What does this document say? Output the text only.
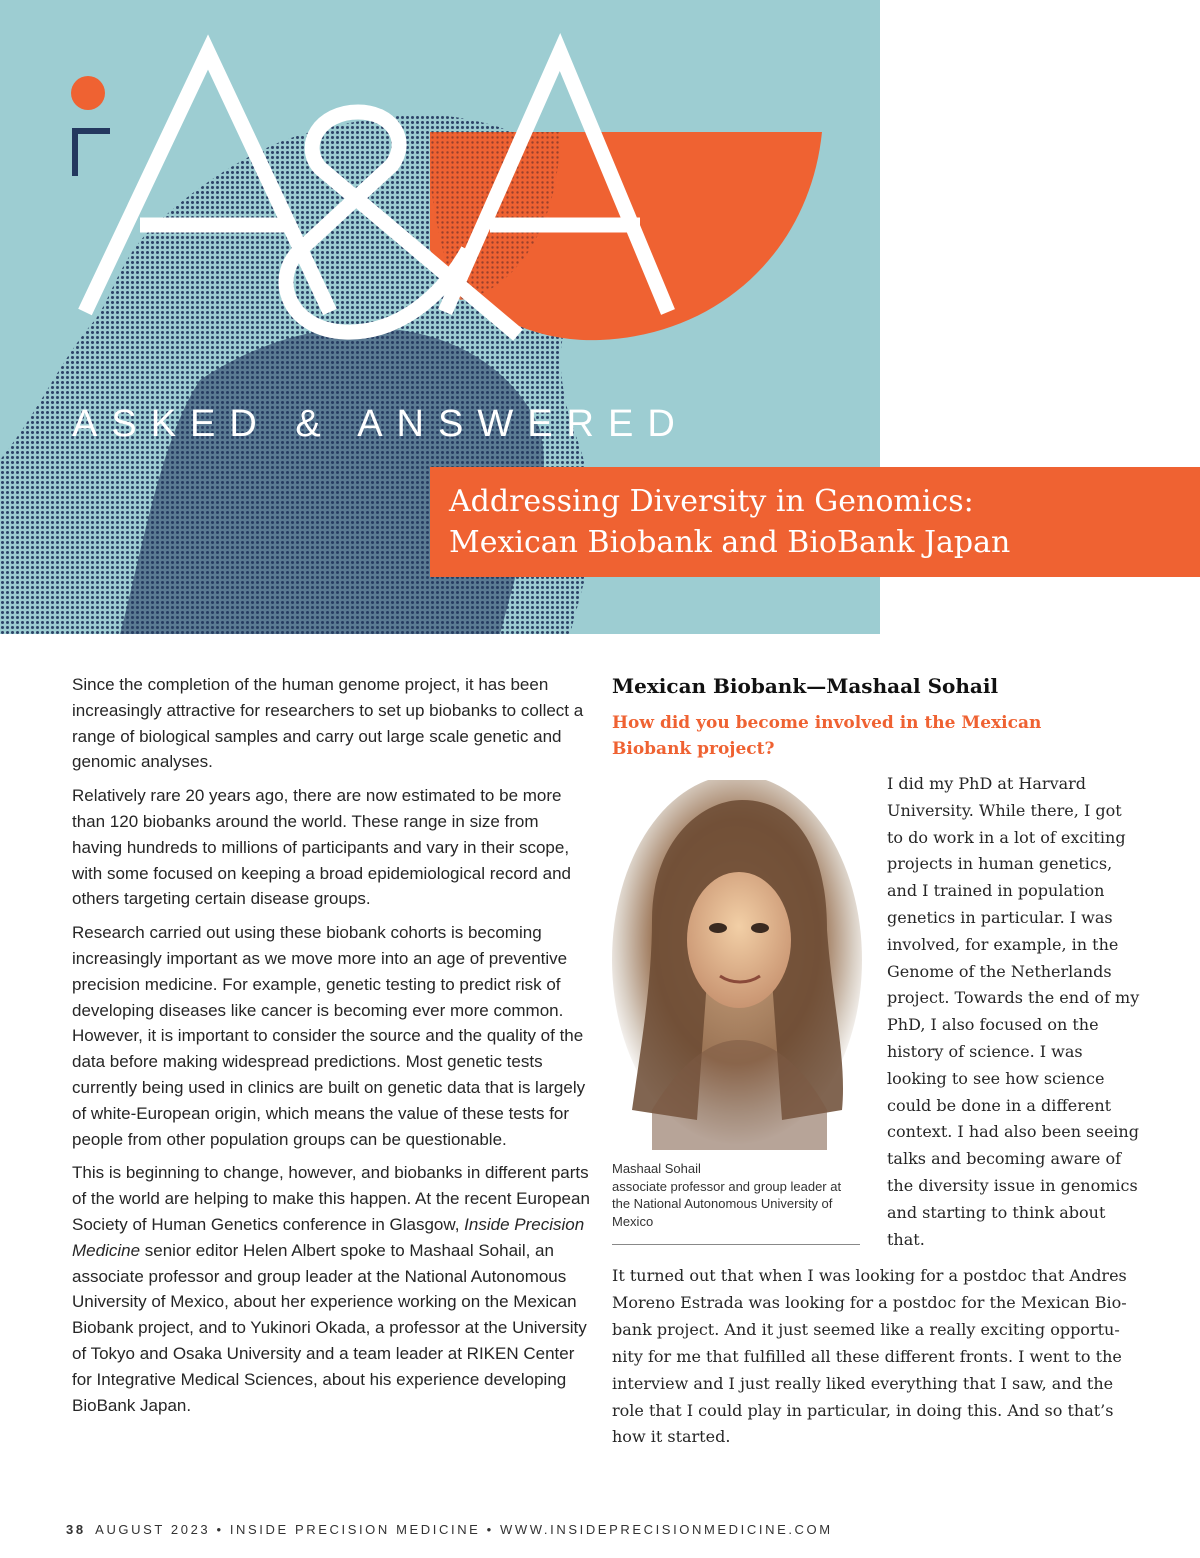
ASKED & ANSWERED
Addressing Diversity in Genomics:
Mexican Biobank and BioBank Japan

Since the completion of the human genome project, it has been increasingly attractive for researchers to set up biobanks to collect a range of biological samples and carry out large scale genetic and genomic analyses.

Relatively rare 20 years ago, there are now estimated to be more than 120 biobanks around the world. These range in size from having hundreds to millions of participants and vary in their scope, with some focused on keeping a broad epidemiological record and others targeting certain disease groups.

Research carried out using these biobank cohorts is becoming increasingly important as we move more into an age of preventive precision medicine. For example, genetic testing to predict risk of developing diseases like cancer is becoming ever more common. However, it is important to consider the source and the quality of the data before making widespread predictions. Most genetic tests currently being used in clinics are built on genetic data that is largely of white-European origin, which means the value of these tests for people from other population groups can be questionable.

This is beginning to change, however, and biobanks in different parts of the world are helping to make this happen. At the recent European Society of Human Genetics conference in Glasgow, Inside Precision Medicine senior editor Helen Albert spoke to Mashaal Sohail, an associate professor and group leader at the National Autonomous University of Mexico, about her experience working on the Mexican Biobank project, and to Yukinori Okada, a professor at the University of Tokyo and Osaka University and a team leader at RIKEN Center for Integrative Medical Sciences, about his experience developing BioBank Japan.

Mexican Biobank—Mashaal Sohail
How did you become involved in the Mexican Biobank project?
Mashaal Sohail
associate professor and group leader at the National Autonomous University of Mexico
I did my PhD at Harvard University. While there, I got to do work in a lot of exciting projects in human genetics, and I trained in population genetics in particular. I was involved, for example, in the Genome of the Netherlands project. Towards the end of my PhD, I also focused on the history of science. I was looking to see how science could be done in a different context. I had also been seeing talks and becoming aware of the diversity issue in genomics and starting to think about that.
It turned out that when I was looking for a postdoc that Andres Moreno Estrada was looking for a postdoc for the Mexican Biobank project. And it just seemed like a really exciting opportunity for me that fulfilled all these different fronts. I went to the interview and I just really liked everything that I saw, and the role that I could play in particular, in doing this. And so that’s how it started.
38 AUGUST 2023 • INSIDE PRECISION MEDICINE • WWW.INSIDEPRECISIONMEDICINE.COM
